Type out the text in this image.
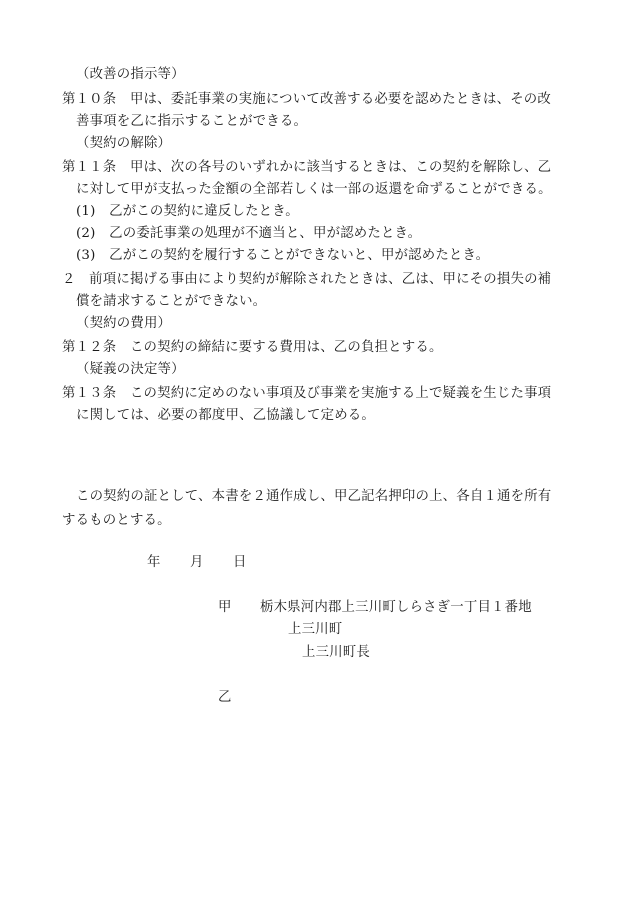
（改善の指示等）
第１０条　甲は、委託事業の実施について改善する必要を認めたときは、その改
善事項を乙に指示することができる。
（契約の解除）
第１１条　甲は、次の各号のいずれかに該当するときは、この契約を解除し、乙
に対して甲が支払った金額の全部若しくは一部の返還を命ずることができる。
(1)　乙がこの契約に違反したとき。
(2)　乙の委託事業の処理が不適当と、甲が認めたとき。
(3)　乙がこの契約を履行することができないと、甲が認めたとき。
２　前項に掲げる事由により契約が解除されたときは、乙は、甲にその損失の補
償を請求することができない。
（契約の費用）
第１２条　この契約の締結に要する費用は、乙の負担とする。
（疑義の決定等）
第１３条　この契約に定めのない事項及び事業を実施する上で疑義を生じた事項
に関しては、必要の都度甲、乙協議して定める。
この契約の証として、本書を２通作成し、甲乙記名押印の上、各自１通を所有
するものとする。
年 月 日
甲 栃木県河内郡上三川町しらさぎ一丁目１番地
上三川町
上三川町長
乙
